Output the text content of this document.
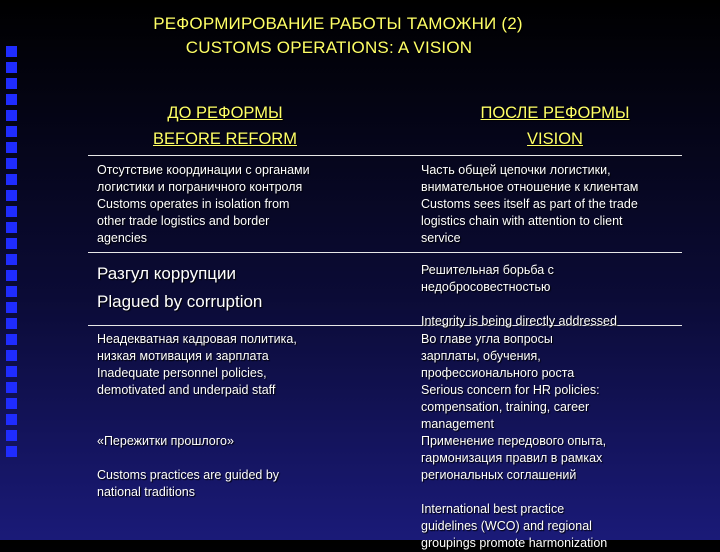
РЕФОРМИРОВАНИЕ РАБОТЫ ТАМОЖНИ (2)
CUSTOMS OPERATIONS: A VISION
ДО РЕФОРМЫ
BEFORE REFORM
ПОСЛЕ РЕФОРМЫ
VISION
Отсутствие координации с органами
логистики и пограничного контроля
Customs operates in isolation from
other trade logistics and border
agencies
Часть общей цепочки логистики,
внимательное отношение к клиентам
Customs sees itself as part of the trade
logistics chain with attention to client
service
Разгул коррупции
Plagued by corruption
Решительная борьба с
недобросовестностью

Integrity is being directly addressed
Неадекватная кадровая политика,
низкая мотивация и зарплата
Inadequate personnel policies,
demotivated and underpaid staff
«Пережитки прошлого»
Customs practices are guided by
national traditions
Во главе угла вопросы
зарплаты, обучения,
профессионального роста
Serious concern for HR policies:
compensation, training, career
management
Применение передового опыта,
гармонизация правил в рамках
региональных соглашений
International best practice
guidelines (WCO) and regional
groupings promote harmonization
